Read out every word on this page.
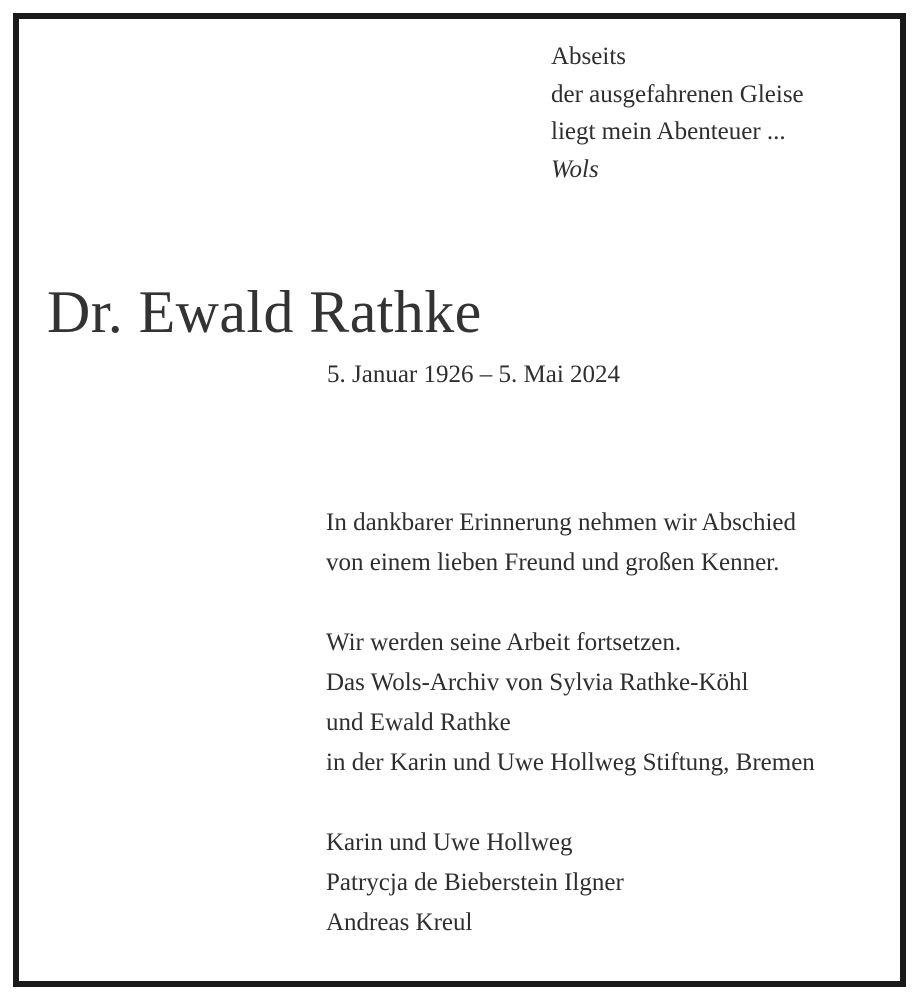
Abseits
der ausgefahrenen Gleise
liegt mein Abenteuer ...
Wols
Dr. Ewald Rathke
5. Januar 1926 – 5. Mai 2024
In dankbarer Erinnerung nehmen wir Abschied
von einem lieben Freund und großen Kenner.
Wir werden seine Arbeit fortsetzen.
Das Wols-Archiv von Sylvia Rathke-Köhl
und Ewald Rathke
in der Karin und Uwe Hollweg Stiftung, Bremen
Karin und Uwe Hollweg
Patrycja de Bieberstein Ilgner
Andreas Kreul
